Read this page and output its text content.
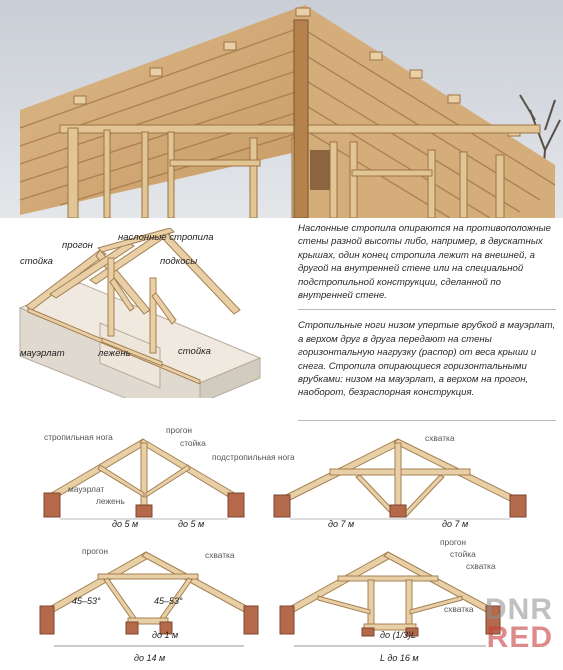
прогон
наслонные стропила
стойка	подкосы
мауэрлат	лежень	стойка

Наслонные стропила опираются на противоположные стены разной высоты либо, например, в двускатных крышах, один конец стропила лежит на внешней, а другой на внутренней стене или на специальной подстропильной конструкции, сделанной по внутренней стене.

Стропильные ноги низом упертые врубкой в мауэрлат, а верхом друг в друга передают на стены горизонтальную нагрузку (распор) от веса крыши и снега. Стропила опирающиеся горизонтальными врубками: низом на мауэрлат, а верхом на прогон, наоборот, безраспорная конструкция.

стропильная нога
прогон
стойка
подстропильная нога
мауэрлат
лежень
до 5 м	до 5 м
схватка
до 7 м	до 7 м
прогон	схватка
45–53°	45–53°
до 1 м
до 14 м
прогон
стойка
схватка
схватка
до (1/3)L
L до 16 м
DNR
RED
